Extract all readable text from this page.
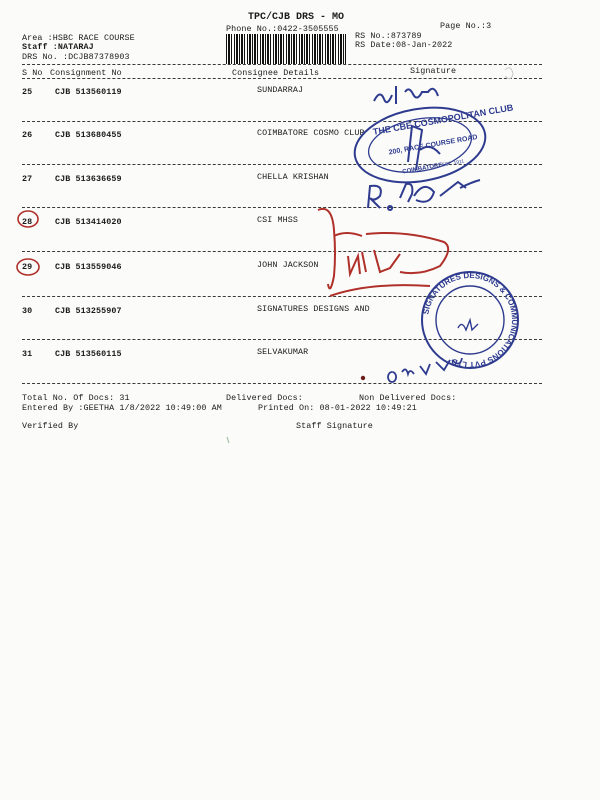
TPC/CJB DRS - MO
Phone No.:0422-3505555	Page No.:3
Area :HSBC RACE COURSE
Staff :NATARAJ
DRS No. :DCJB87378903
RS No.:873789
RS Date:08-Jan-2022
S No Consignment No	Consignee Details	Signature
25	CJB 513560119	SUNDARRAJ
26	CJB 513680455	COIMBATORE COSMO CLUB
27	CJB 513636659	CHELLA KRISHAN
28	CJB 513414020	CSI MHSS
29	CJB 513559046	JOHN JACKSON
30	CJB 513255907	SIGNATURES DESIGNS AND
31	CJB 513560115	SELVAKUMAR
Total No. Of Docs: 31	Delivered Docs:	Non Delivered Docs:
Entered By :GEETHA 1/8/2022 10:49:00 AM	Printed On: 08-01-2022 10:49:21
Verified By	Staff Signature
THE CBE COSMOPOLITAN CLUB
200, RACE COURSE ROAD
COIMBATORE
EST. 1911
SIGNATURES DESIGNS & COMMUNICATIONS PVT LTD
